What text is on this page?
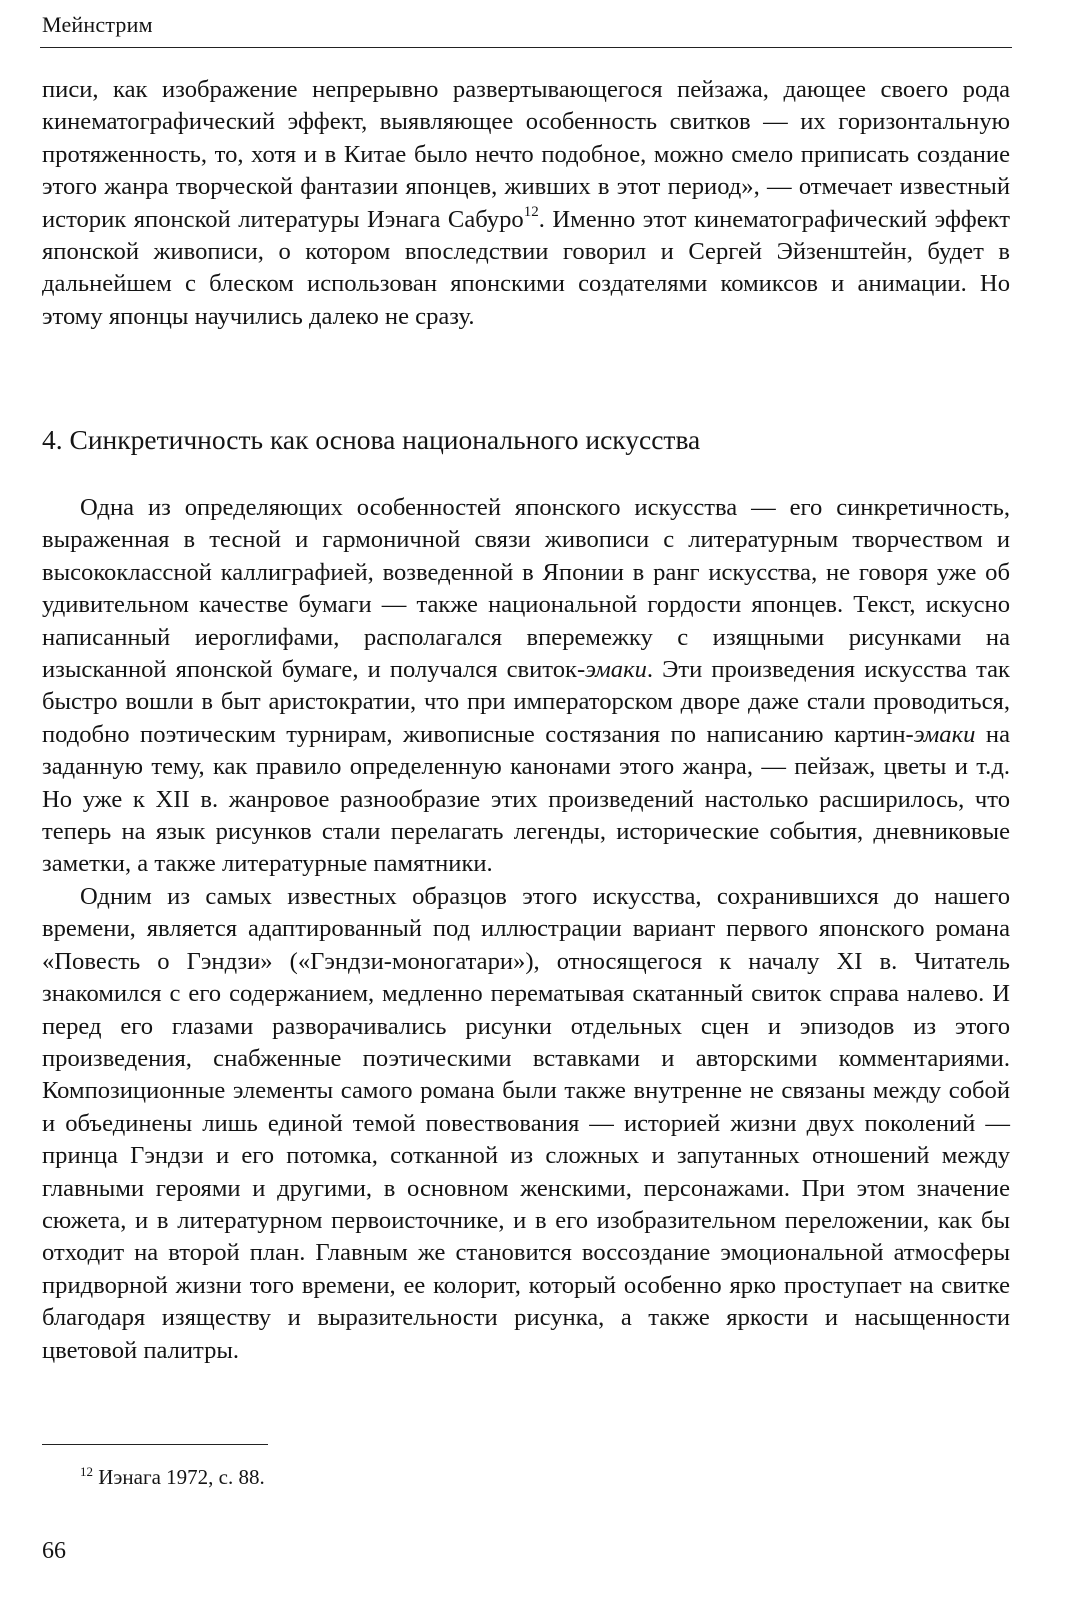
Мейнстрим

писи, как изображение непрерывно развертывающегося пейзажа, дающее своего рода кинематографический эффект, выявляющее особенность свитков — их горизонтальную протяженность, то, хотя и в Китае было нечто подобное, можно смело приписать создание этого жанра творческой фантазии японцев, живших в этот период», — отмечает известный историк японской литературы Иэнага Сабуро$^{12}$. Именно этот кинематографический эффект японской живописи, о котором впоследствии говорил и Сергей Эйзенштейн, будет в дальнейшем с блеском использован японскими создателями комиксов и анимации. Но этому японцы научились далеко не сразу.

4. Синкретичность как основа национального искусства

Одна из определяющих особенностей японского искусства — его синкретичность, выраженная в тесной и гармоничной связи живописи с литературным творчеством и высококлассной каллиграфией, возведенной в Японии в ранг искусства, не говоря уже об удивительном качестве бумаги — также национальной гордости японцев. Текст, искусно написанный иероглифами, располагался вперемежку с изящными рисунками на изысканной японской бумаге, и получался свиток-эмаки. Эти произведения искусства так быстро вошли в быт аристократии, что при императорском дворе даже стали проводиться, подобно поэтическим турнирам, живописные состязания по написанию картин-эмаки на заданную тему, как правило определенную канонами этого жанра, — пейзаж, цветы и т.д. Но уже к XII в. жанровое разнообразие этих произведений настолько расширилось, что теперь на язык рисунков стали перелагать легенды, исторические события, дневниковые заметки, а также литературные памятники.

Одним из самых известных образцов этого искусства, сохранившихся до нашего времени, является адаптированный под иллюстрации вариант первого японского романа «Повесть о Гэндзи» («Гэндзи-моногатари»), относящегося к началу XI в. Читатель знакомился с его содержанием, медленно перематывая скатанный свиток справа налево. И перед его глазами разворачивались рисунки отдельных сцен и эпизодов из этого произведения, снабженные поэтическими вставками и авторскими комментариями. Композиционные элементы самого романа были также внутренне не связаны между собой и объединены лишь единой темой повествования — историей жизни двух поколений — принца Гэндзи и его потомка, сотканной из сложных и запутанных отношений между главными героями и другими, в основном женскими, персонажами. При этом значение сюжета, и в литературном первоисточнике, и в его изобразительном переложении, как бы отходит на второй план. Главным же становится воссоздание эмоциональной атмосферы придворной жизни того времени, ее колорит, который особенно ярко проступает на свитке благодаря изяществу и выразительности рисунка, а также яркости и насыщенности цветовой палитры.

$^{12}$ Иэнага 1972, с. 88.
66
